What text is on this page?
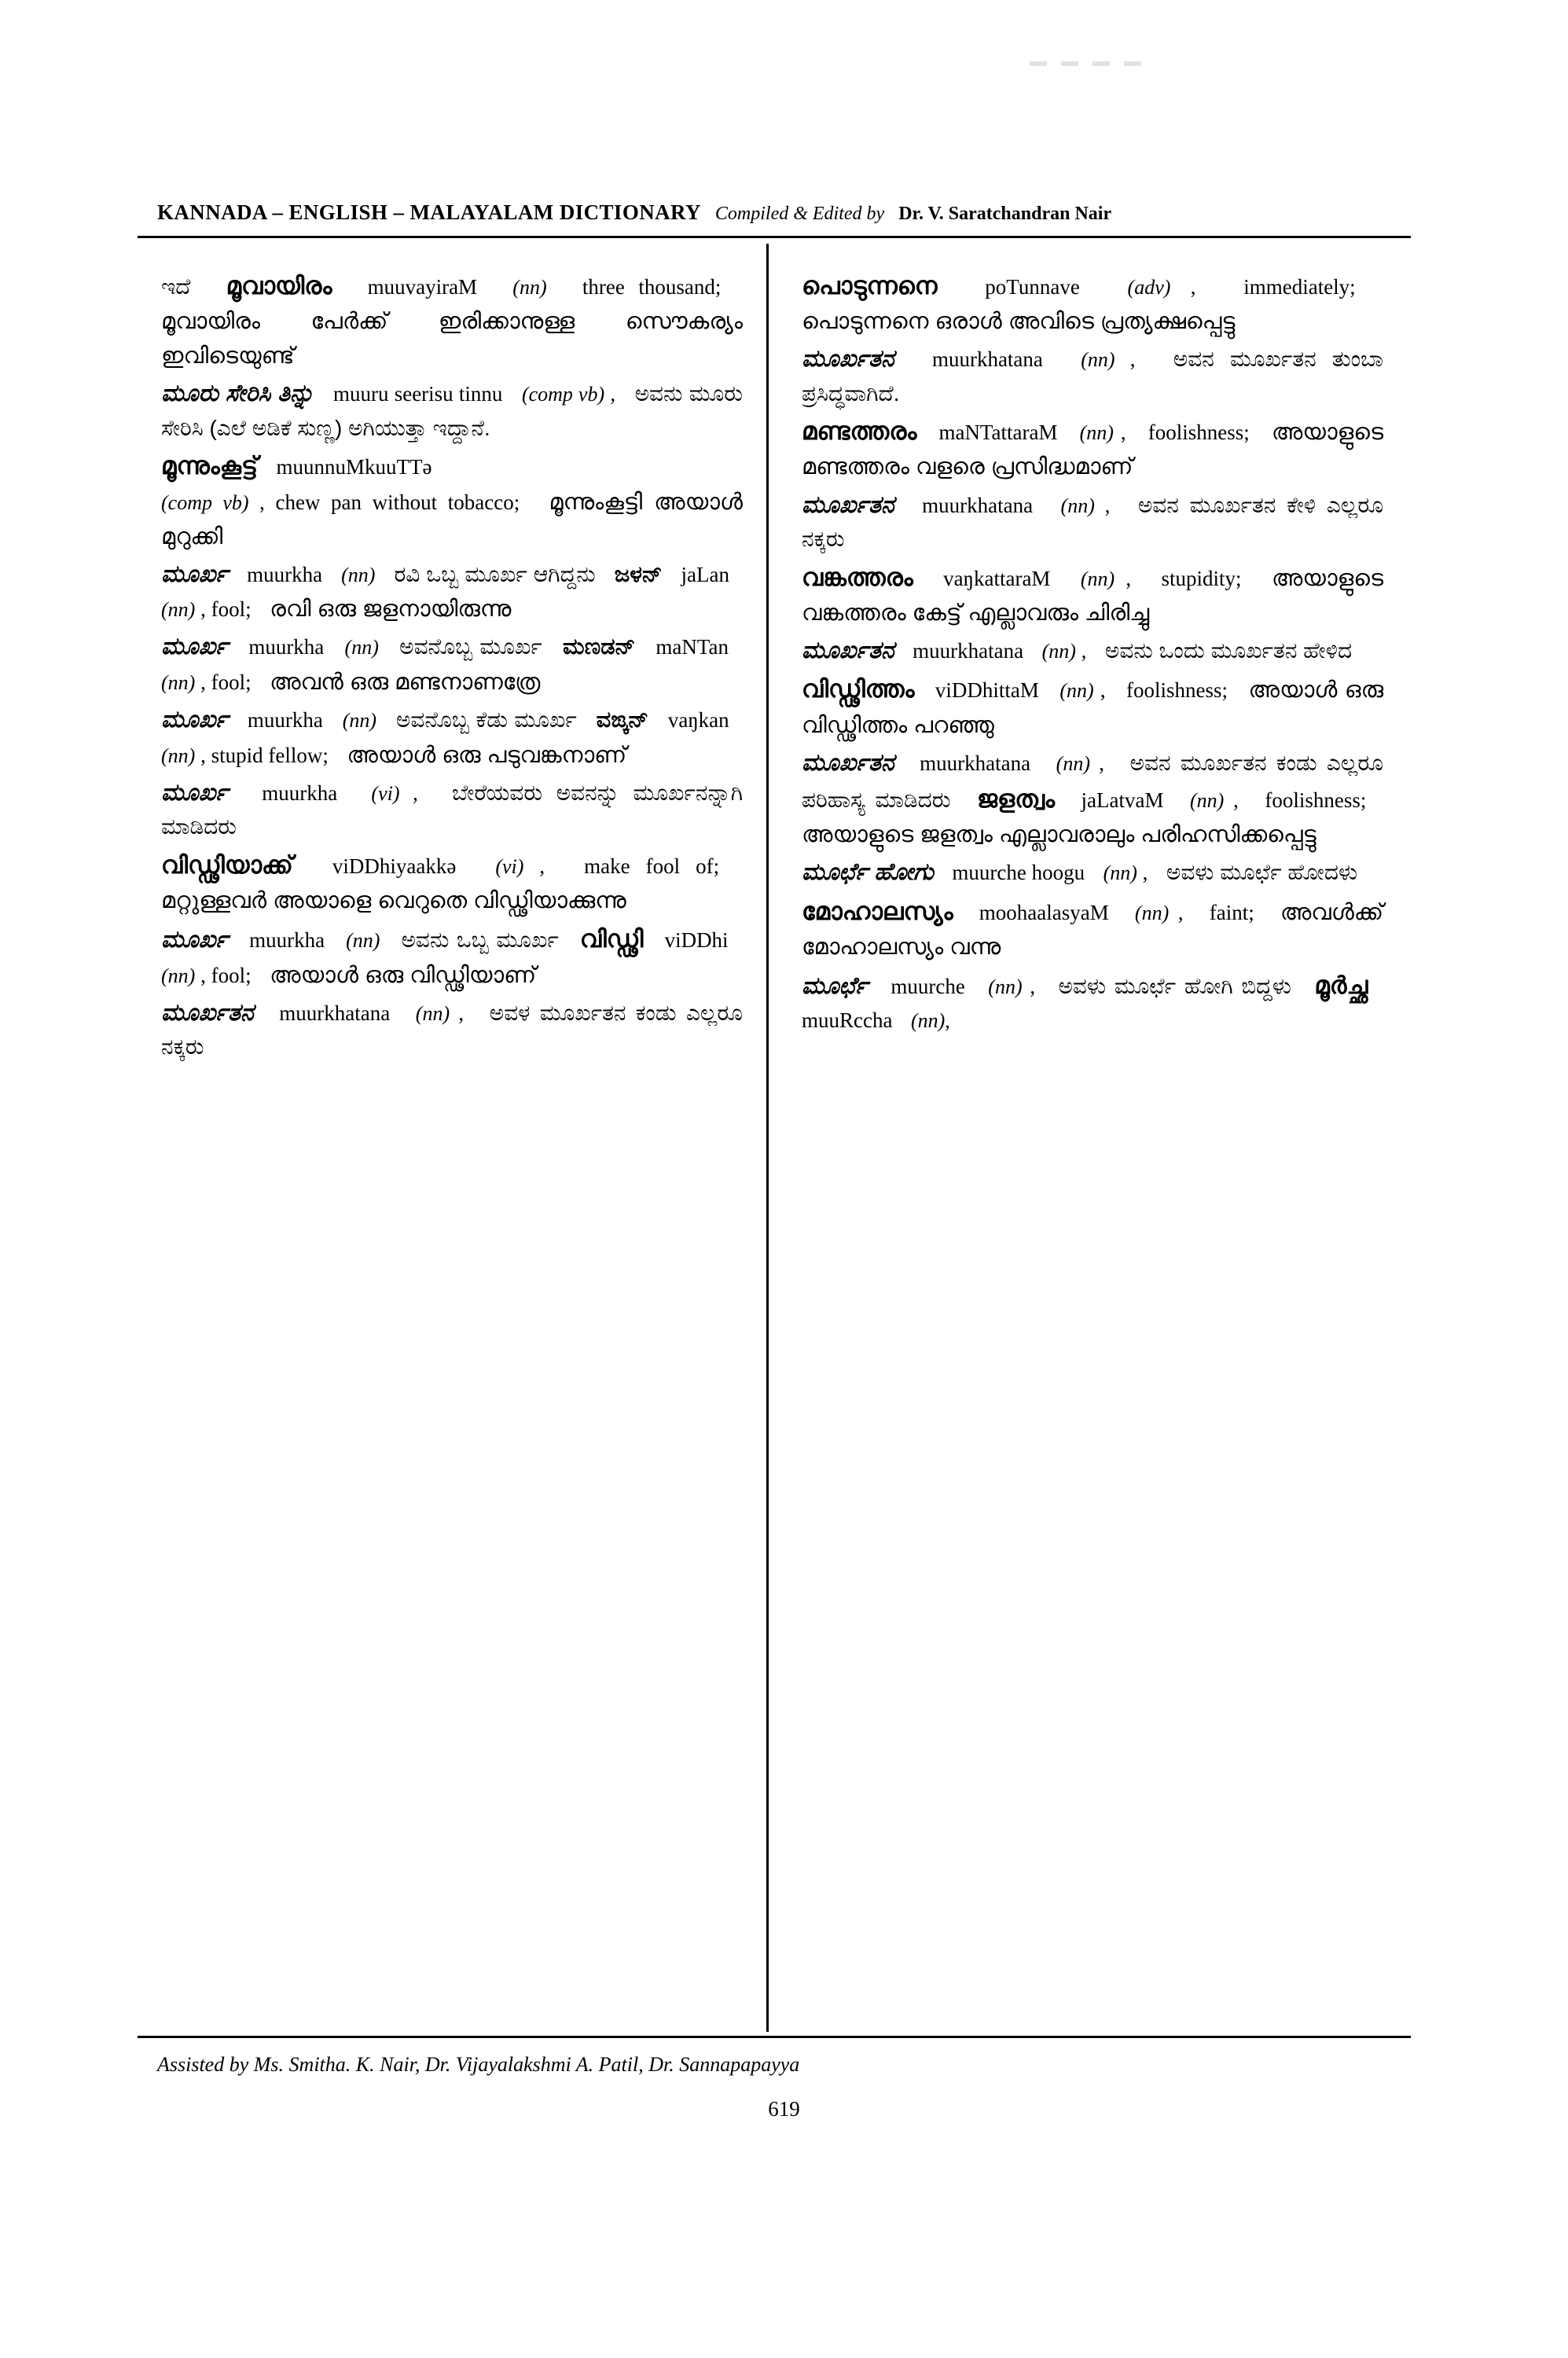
KANNADA – ENGLISH – MALAYALAM DICTIONARY Compiled & Edited by Dr. V. Saratchandran Nair
ಇದೆ മൂവായിരം muuvayiraM (nn) three thousand;  മൂവായിരം പേർക്ക് ഇരിക്കാനുള്ള സൌകര്യം ഇവിടെയുണ്ട്
ಮೂರು ಸೇರಿಸಿ ತಿನ್ನು muuru seerisu tinnu (comp vb) , ಅವನು ಮೂರು ಸೇರಿಸಿ (ಎಲೆ ಅಡಿಕೆ ಸುಣ್ಣ) ಅಗಿಯುತ್ತಾ ಇದ್ದಾನೆ.
മൂന്നുംകൂട്ട് muunnuMkuuTTə
(comp vb) , chew pan without tobacco; മൂന്നുംകൂട്ടി അയാൾ മുറുക്കി
ಮೂರ್ಖ muurkha (nn) ರವಿ ಒಬ್ಬ ಮೂರ್ಖ ಆಗಿದ್ದನು ಜಳನ್ jaLan  (nn) , fool; രവി ഒരു ജളനായിരുന്നു
ಮೂರ್ಖ muurkha (nn) ಅವನೊಬ್ಬ ಮೂರ್ಖ ಮಣಡನ್ maNTan  (nn) , fool; അവൻ ഒരു മണ്ടനാണത്രേ
ಮೂರ್ಖ muurkha (nn) ಅವನೊಬ್ಬ ಕೆಡು ಮೂರ್ಖ ವಙ್ಕನ್ vaŋkan  (nn) , stupid fellow; അയാൾ ഒരു പടുവങ്കനാണ്
ಮೂರ್ಖ muurkha (vi) , ಬೇರೆಯವರು ಅವನನ್ನು ಮೂರ್ಖನನ್ನಾಗಿ ಮಾಡಿದರು
വിഡ്ഢിയാക്ക് viDDhiyaakkə (vi) , make fool of;  മറ്റുള്ളവർ അയാളെ വെറുതെ വിഡ്ഢിയാക്കുന്നു
ಮೂರ್ಖ muurkha (nn) ಅವನು ಒಬ್ಬ ಮೂರ್ಖ വിഡ്ഢി viDDhi  (nn) , fool; അയാൾ ഒരു വിഡ്ഢിയാണ്
ಮೂರ್ಖತನ muurkhatana (nn) , ಅವಳ ಮೂರ್ಖತನ ಕಂಡು ಎಲ್ಲರೂ ನಕ್ಕರು
പൊടുന്നനെ poTunnave (adv) , immediately;  പൊടുന്നനെ ഒരാൾ അവിടെ പ്രത്യക്ഷപ്പെട്ടു
ಮೂರ್ಖತನ muurkhatana (nn) , ಅವನ ಮೂರ್ಖತನ ತುಂಬಾ ಪ್ರಸಿದ್ಧವಾಗಿದೆ.
മണ്ടത്തരം maNTattaraM (nn) , foolishness; അയാളുടെ മണ്ടത്തരം വളരെ പ്രസിദ്ധമാണ്
ಮೂರ್ಖತನ muurkhatana (nn) , ಅವನ ಮೂರ್ಖತನ ಕೇಳಿ ಎಲ್ಲರೂ ನಕ್ಕರು
വങ്കത്തരം vaŋkattaraM (nn) , stupidity; അയാളുടെ വങ്കത്തരം കേട്ട് എല്ലാവരും ചിരിച്ചു
ಮೂರ್ಖತನ muurkhatana (nn) , ಅವನು ಒಂದು ಮೂರ್ಖತನ ಹೇಳಿದ
വിഡ്ഢിത്തം viDDhittaM (nn) , foolishness; അയാൾ ഒരു വിഡ്ഢിത്തം പറഞ്ഞു
ಮೂರ್ಖತನ muurkhatana (nn) , ಅವನ ಮೂರ್ಖತನ ಕಂಡು ಎಲ್ಲರೂ ಪರಿಹಾಸ್ಯ ಮಾಡಿದರು ജളത്വം jaLatvaM (nn) , foolishness;  അയാളുടെ ജളത്വം എല്ലാവരാലും പരിഹസിക്കപ്പെട്ടു
ಮೂರ್ಛೆ ಹೋಗು muurche hoogu (nn) , ಅವಳು ಮೂರ್ಛೆ ಹೋದಳು
മോഹാലസ്യം moohaalasyaM (nn) , faint; അവൾക്ക് മോഹാലസ്യം വന്നു
ಮೂರ್ಛೆ muurche (nn) , ಅವಳು ಮೂರ್ಛೆ ಹೋಗಿ ಬಿದ್ದಳು മൂർച്ഛ  muuRccha (nn),
Assisted by Ms. Smitha. K. Nair, Dr. Vijayalakshmi A. Patil, Dr. Sannapapayya
619
